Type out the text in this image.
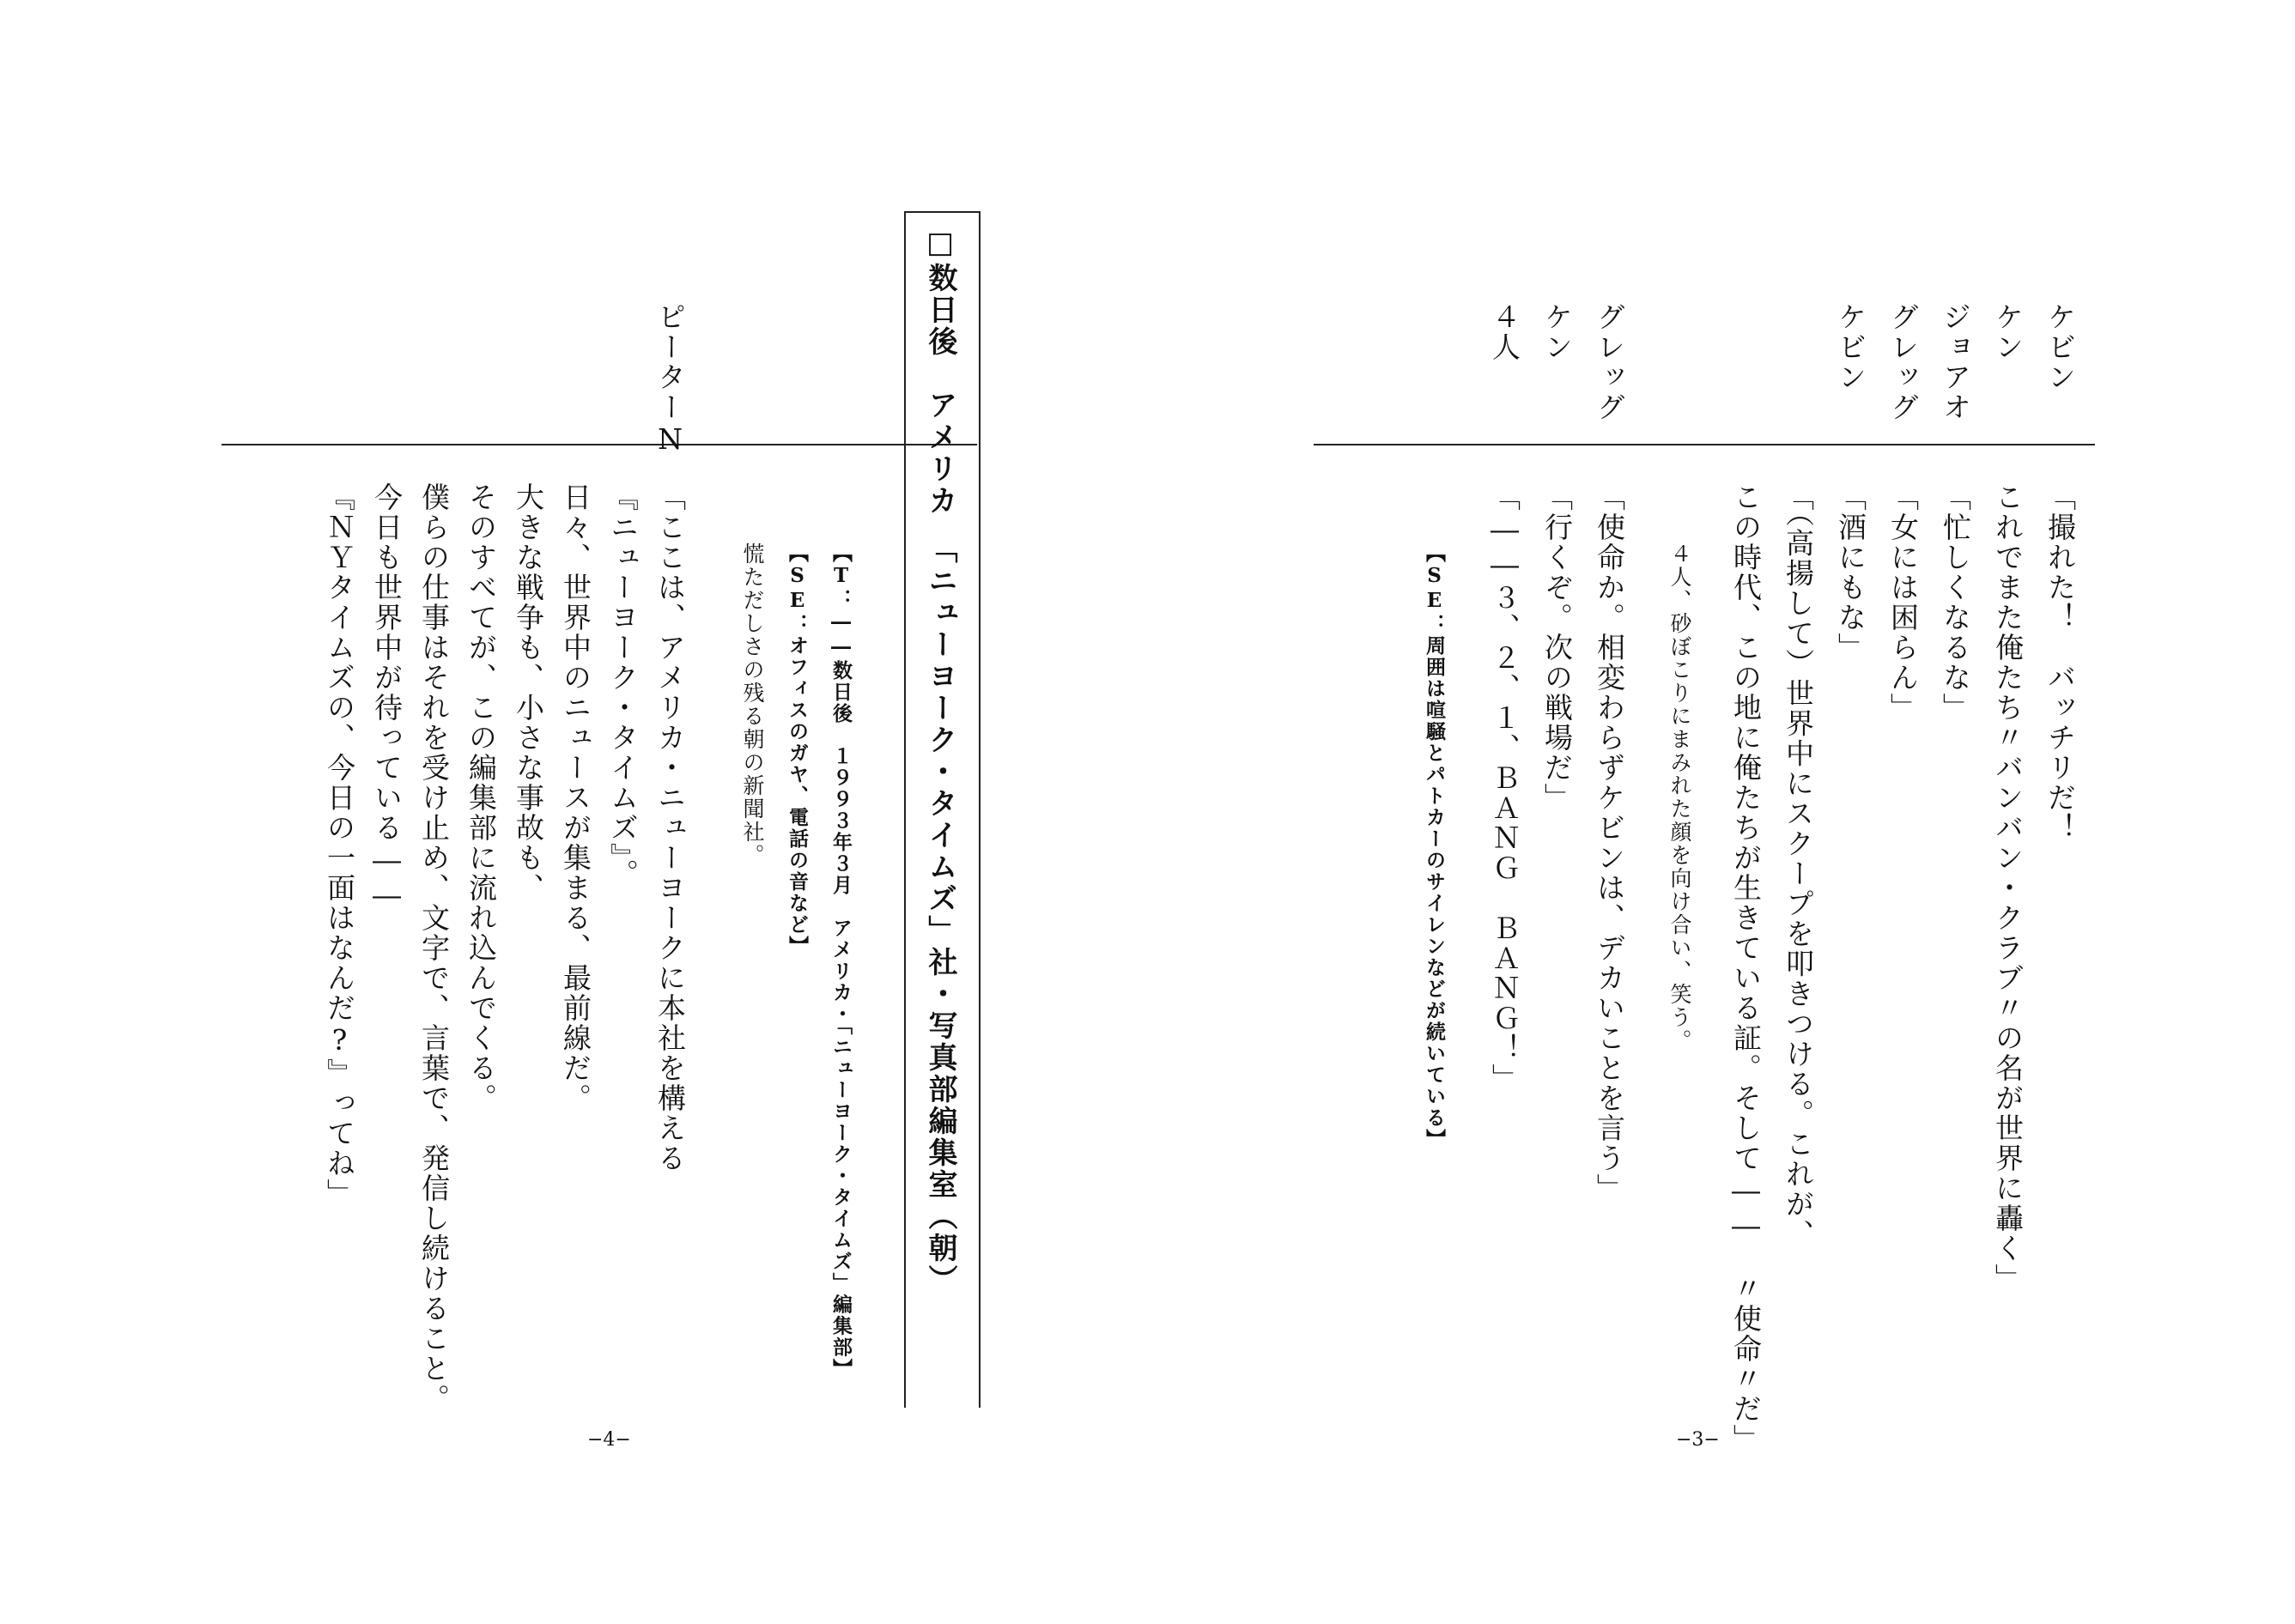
ケビン
ケン
ジョアオ
グレッグ
ケビン
グレッグ
ケン
４人
「撮れた！　バッチリだ！
これでまた俺たち〃バンバン・クラブ〃の名が世界に轟く」
「忙しくなるな」
「女には困らん」
「酒にもな」
「（高揚して）世界中にスクープを叩きつける。これが、
この時代、この地に俺たちが生きている証。そして――　〃使命〃だ」
４人、砂ぼこりにまみれた顔を向け合い、笑う。
「使命か。相変わらずケビンは、デカいことを言う」
「行くぞ。次の戦場だ」
「――３、２、１、ＢＡＮＧ　ＢＡＮＧ！」
【SE：周囲は喧騒とパトカーのサイレンなどが続いている】
−3−
□数日後　アメリカ　「ニューヨーク・タイムズ」社・写真部編集室（朝）
【T：――数日後　１９９３年３月　アメリカ・「ニューヨーク・タイムズ」編集部】
【SE：オフィスのガヤ、電話の音など】
慌ただしさの残る朝の新聞社。
ピーターN
「ここは、アメリカ・ニューヨークに本社を構える
『ニューヨーク・タイムズ』。
日々、世界中のニュースが集まる、最前線だ。
大きな戦争も、小さな事故も、
そのすべてが、この編集部に流れ込んでくる。
僕らの仕事はそれを受け止め、文字で、言葉で、発信し続けること。
今日も世界中が待っている――
『ＮＹタイムズの、今日の一面はなんだ?』ってね」
−4−
